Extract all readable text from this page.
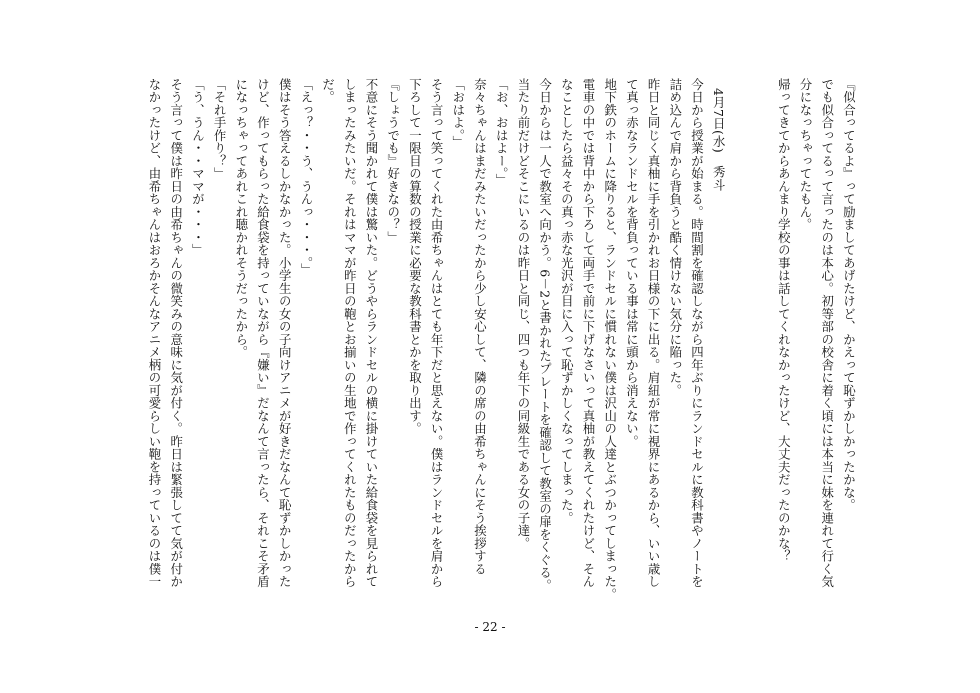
『似合ってるよ』って励ましてあげたけど、かえって恥ずかしかったかな。
でも似合ってるって言ったのは本心。初等部の校舎に着く頃には本当に妹を連れて行く気
分になっちゃってたもん。
帰ってきてからあんまり学校の事は話してくれなかったけど、大丈夫だったのかな？
4月7日(水)　秀斗
今日から授業が始まる。時間割を確認しながら四年ぶりにランドセルに教科書やノートを
詰め込んで肩から背負うと酷く情けない気分に陥った。
昨日と同じく真柚に手を引かれお日様の下に出る。肩紐が常に視界にあるから、いい歳し
て真っ赤なランドセルを背負っている事は常に頭から消えない。
地下鉄のホームに降りると、ランドセルに慣れない僕は沢山の人達とぶつかってしまった。
電車の中では背中から下ろして両手で前に下げなさいって真柚が教えてくれたけど、そん
なことしたら益々その真っ赤な光沢が目に入って恥ずかしくなってしまった。
今日からは一人で教室へ向かう。6－2と書かれたプレートを確認して教室の扉をくぐる。
当たり前だけどそこにいるのは昨日と同じ、四つも年下の同級生である女の子達。
「お、おはよー。」
奈々ちゃんはまだみたいだったから少し安心して、隣の席の由希ちゃんにそう挨拶する
「おはよ。」
そう言って笑ってくれた由希ちゃんはとても年下だと思えない。僕はランドセルを肩から
下ろして一限目の算数の授業に必要な教科書とかを取り出す。
『しょうでも』好きなの？」
不意にそう聞かれて僕は驚いた。どうやらランドセルの横に掛けていた給食袋を見られて
しまったみたいだ。それはママが昨日の鞄とお揃いの生地で作ってくれたものだったから
だ。
「えっ？・・う、うんっ・・・。」
僕はそう答えるしかなかった。小学生の女の子向けアニメが好きだなんて恥ずかしかった
けど、作ってもらった給食袋を持っていながら『嫌い』だなんて言ったら、それこそ矛盾
になっちゃってあれこれ聴かれそうだったから。
「それ手作り？」
「う、うん・・ママが・・・」
そう言って僕は昨日の由希ちゃんの微笑みの意味に気が付く。昨日は緊張してて気が付か
なかったけど、由希ちゃんはおろかそんなアニメ柄の可愛らしい鞄を持っているのは僕一
- 22 -
